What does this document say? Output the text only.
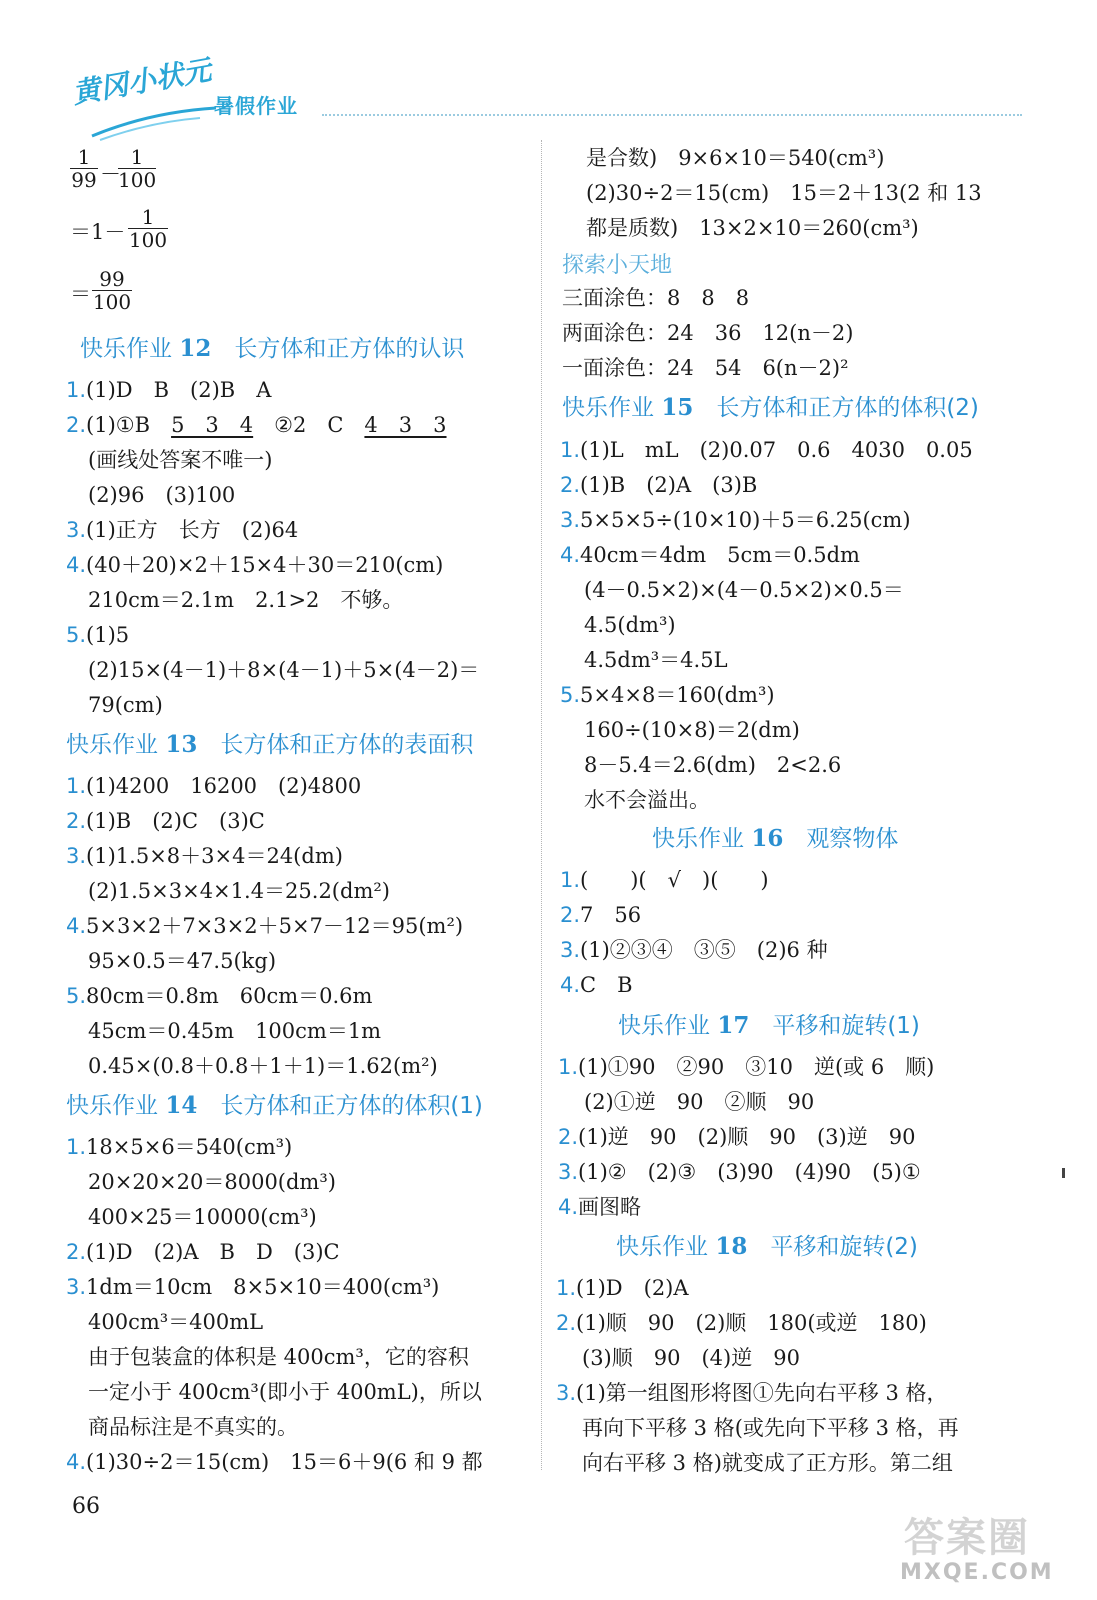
黄冈小状元 暑假作业
$\frac{1}{99}$ －
$\frac{1}{100}$
$=1- \frac{1}{100}$
＝ $\frac{99}{100}$
快乐作业 12　 长方体和正方体的认识
1.(1)D　B　(2)B　A
2.(1)①B　5　3　4　②2　C　4　3　3
(画线处答案不唯一)
(2)96　(3)100
3.(1)正方　长方　(2)64
4.(40＋20)×2＋15×4＋30＝210(cm)
210cm＝2.1m　2.1>2　不够。
5.(1)5
(2)15×(4－1)＋8×(4－1)＋5×(4－2)＝
79(cm)
快乐作业 13　 长方体和正方体的表面积
1.(1)4200　16200　(2)4800
2.(1)B　(2)C　(3)C
3.(1)1.5×8＋3×4＝24(dm)
(2)1.5×3×4×1.4＝25.2(dm²)
4.5×3×2＋7×3×2＋5×7－12＝95(m²)
95×0.5＝47.5(kg)
5.80cm＝0.8m　60cm＝0.6m
45cm＝0.45m　100cm＝1m
0.45×(0.8＋0.8＋1＋1)＝1.62(m²)
快乐作业 14　 长方体和正方体的体积(1)
1.18×5×6＝540(cm³)
20×20×20＝8000(dm³)
400×25＝10000(cm³)
2.(1)D　(2)A　B　D　(3)C
3.1dm＝10cm　8×5×10＝400(cm³)
400cm³＝400mL
由于包装盒的体积是 400cm³，它的容积
一定小于 400cm³(即小于 400mL)，所以
商品标注是不真实的。
4.(1)30÷2＝15(cm)　15＝6＋9(6 和 9 都
是合数)　9×6×10＝540(cm³)
(2)30÷2＝15(cm)　15＝2＋13(2 和 13
都是质数)　13×2×10＝260(cm³)
探索小天地
三面涂色：8　8　8
两面涂色：24　36　12(n－2)
一面涂色：24　54　6(n－2)²
快乐作业 15　 长方体和正方体的体积(2)
1.(1)L　mL　(2)0.07　0.6　4030　0.05
2.(1)B　(2)A　(3)B
3.5×5×5÷(10×10)＋5＝6.25(cm)
4.40cm＝4dm　5cm＝0.5dm
(4－0.5×2)×(4－0.5×2)×0.5＝
4.5(dm³)
4.5dm³＝4.5L
5.5×4×8＝160(dm³)
160÷(10×8)＝2(dm)
8－5.4＝2.6(dm)　2<2.6
水不会溢出。
快乐作业 16　 观察物体
1.(　　)(　√　)(　　)
2.7　56
3.(1)②③④　③⑤　(2)6 种
4.C　B
快乐作业 17　 平移和旋转(1)
1.(1)①90　②90　③10　逆(或 6　顺)
(2)①逆　90　②顺　90
2.(1)逆　90　(2)顺　90　(3)逆　90
3.(1)②　(2)③　(3)90　(4)90　(5)①
4.画图略
快乐作业 18　 平移和旋转(2)
1.(1)D　(2)A
2.(1)顺　90　(2)顺　180(或逆　180)
(3)顺　90　(4)逆　90
3.(1)第一组图形将图①先向右平移 3 格，
再向下平移 3 格(或先向下平移 3 格，再
向右平移 3 格)就变成了正方形。第二组
66
答案圈
MXQE.COM
